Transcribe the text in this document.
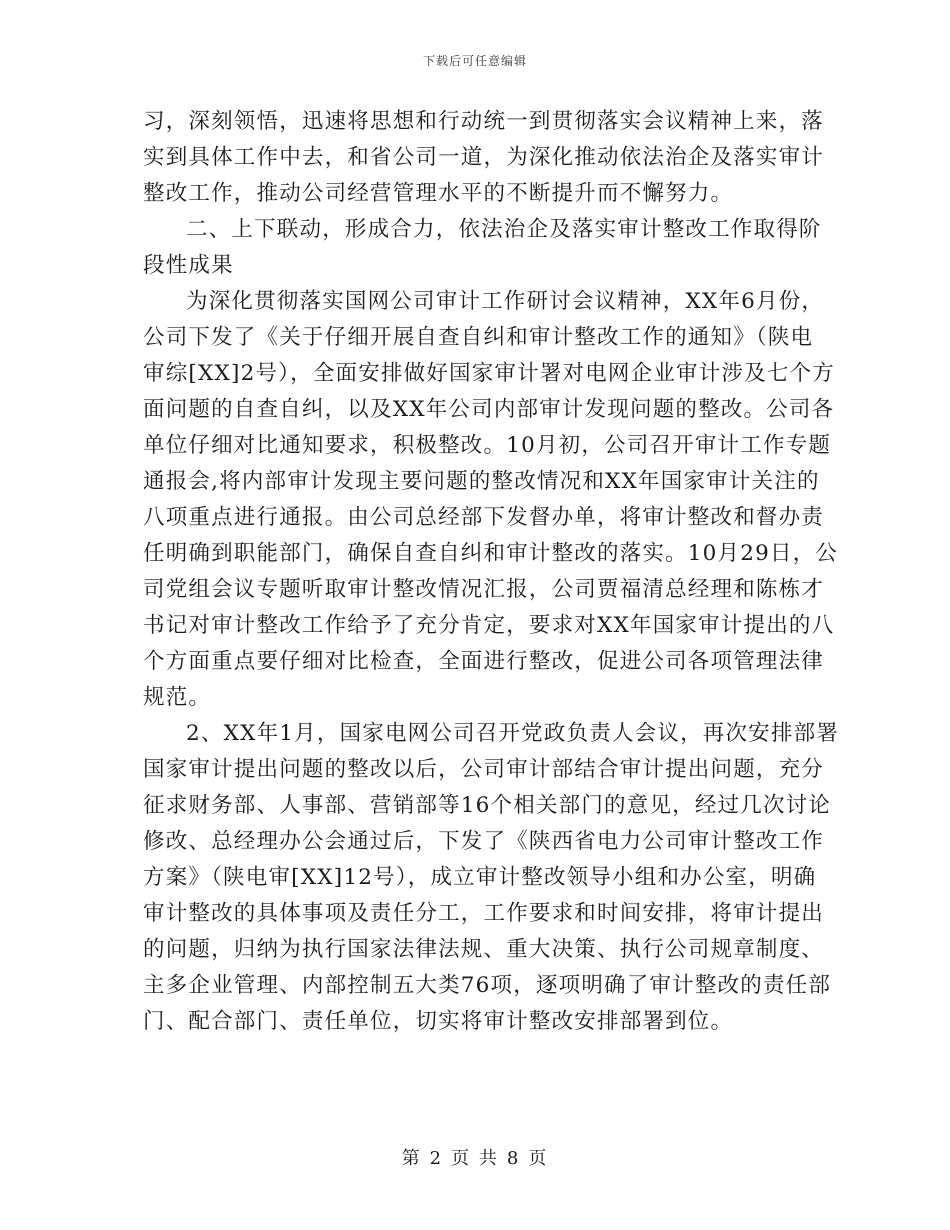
下载后可任意编辑
习，深刻领悟，迅速将思想和行动统一到贯彻落实会议精神上来，落
实到具体工作中去，和省公司一道，为深化推动依法治企及落实审计
整改工作，推动公司经营管理水平的不断提升而不懈努力。
二、上下联动，形成合力，依法治企及落实审计整改工作取得阶
段性成果
为深化贯彻落实国网公司审计工作研讨会议精神，XX年6月份，
公司下发了《关于仔细开展自查自纠和审计整改工作的通知》（陕电
审综[XX]2号），全面安排做好国家审计署对电网企业审计涉及七个方
面问题的自查自纠，以及XX年公司内部审计发现问题的整改。公司各
单位仔细对比通知要求，积极整改。10月初，公司召开审计工作专题
通报会,将内部审计发现主要问题的整改情况和XX年国家审计关注的
八项重点进行通报。由公司总经部下发督办单，将审计整改和督办责
任明确到职能部门，确保自查自纠和审计整改的落实。10月29日，公
司党组会议专题听取审计整改情况汇报，公司贾福清总经理和陈栋才
书记对审计整改工作给予了充分肯定，要求对XX年国家审计提出的八
个方面重点要仔细对比检查，全面进行整改，促进公司各项管理法律
规范。
2、XX年1月，国家电网公司召开党政负责人会议，再次安排部署
国家审计提出问题的整改以后，公司审计部结合审计提出问题，充分
征求财务部、人事部、营销部等16个相关部门的意见，经过几次讨论
修改、总经理办公会通过后，下发了《陕西省电力公司审计整改工作
方案》（陕电审[XX]12号），成立审计整改领导小组和办公室，明确
审计整改的具体事项及责任分工，工作要求和时间安排，将审计提出
的问题，归纳为执行国家法律法规、重大决策、执行公司规章制度、
主多企业管理、内部控制五大类76项，逐项明确了审计整改的责任部
门、配合部门、责任单位，切实将审计整改安排部署到位。
第 2 页 共 8 页
